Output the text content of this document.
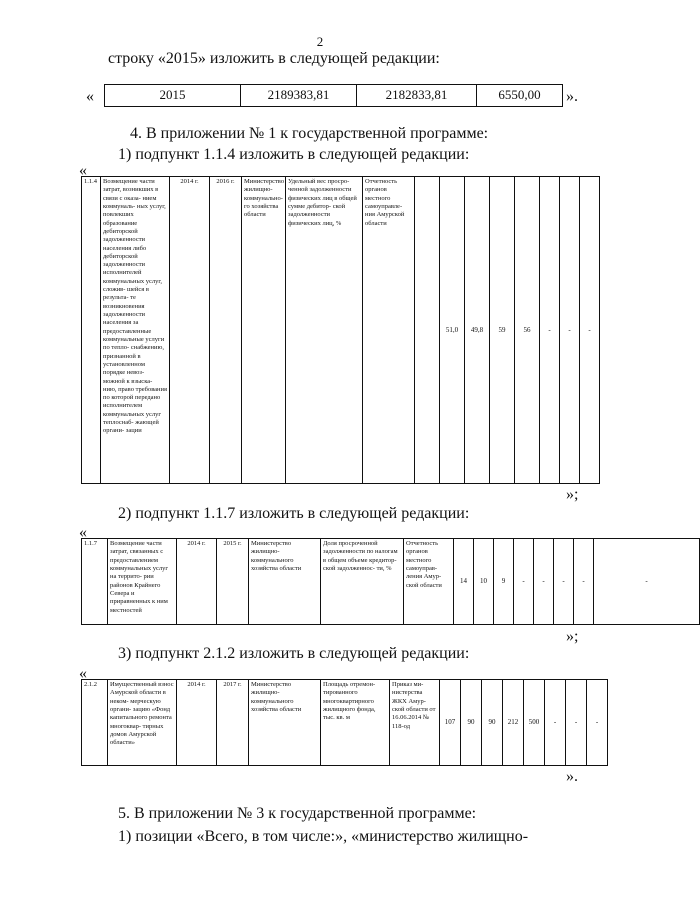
2
строку «2015» изложить в следующей редакции:
«	2015	2189383,81	2182833,81	6550,00 ».
4. В приложении № 1 к государственной программе:
1) подпункт 1.1.4 изложить в следующей редакции:
«
1.1.4	Возмещение части затрат, возникших в связи с оказа- нием коммуналь- ных услуг, повлекших образование дебиторской задолженности населения либо дебиторской задолженности исполнителей коммунальных услуг, сложив- шейся в результа- те возникновения задолженности населения за предоставленные коммунальные услуги по тепло- снабжению, признанной в установленном порядке невоз- можной к взыска- нию, право требования по которой передано исполнителем коммунальных услуг теплоснаб- жающей органи- зации	2014 г.	2016 г.	Министерство жилищно- коммунально- го хозяйства области	Удельный вес просро- ченной задолженности физических лиц в общей сумме дебитор- ской задолженности физических лиц, %	Отчетность органов местного самоуправле- ния Амурской области		51,0	49,8	59	56	-	-	-
»;
2) подпункт 1.1.7 изложить в следующей редакции:
«
1.1.7	Возмещение части затрат, связанных с предоставлением коммунальных услуг на террито- рии районов Крайнего Севера и приравненных к ним местностей	2014 г.	2015 г.	Министерство жилищно- коммунального хозяйства области	Доля просроченной задолженности по налогам в общем объеме кредитор- ской задолженнос- ти, %	Отчетность органов местного самоуправ- ления Амур- ской области	14	10	9	-	-	-	-	-
»;
3) подпункт 2.1.2 изложить в следующей редакции:
«
2.1.2	Имущественный взнос Амурской области в неком- мерческую органи- зацию «Фонд капитального ремонта многоквар- тирных домов Амурской области»	2014 г.	2017 г.	Министерство жилищно- коммунального хозяйства области	Площадь отремон- тированного многоквартирного жилищного фонда, тыс. кв. м	Приказ ми- нистерства ЖКХ Амур- ской области от 16.06.2014 № 118-од	107	90	90	212	500	-	-	-
».
5. В приложении № 3 к государственной программе:
1) позиции «Всего, в том числе:», «министерство жилищно-
